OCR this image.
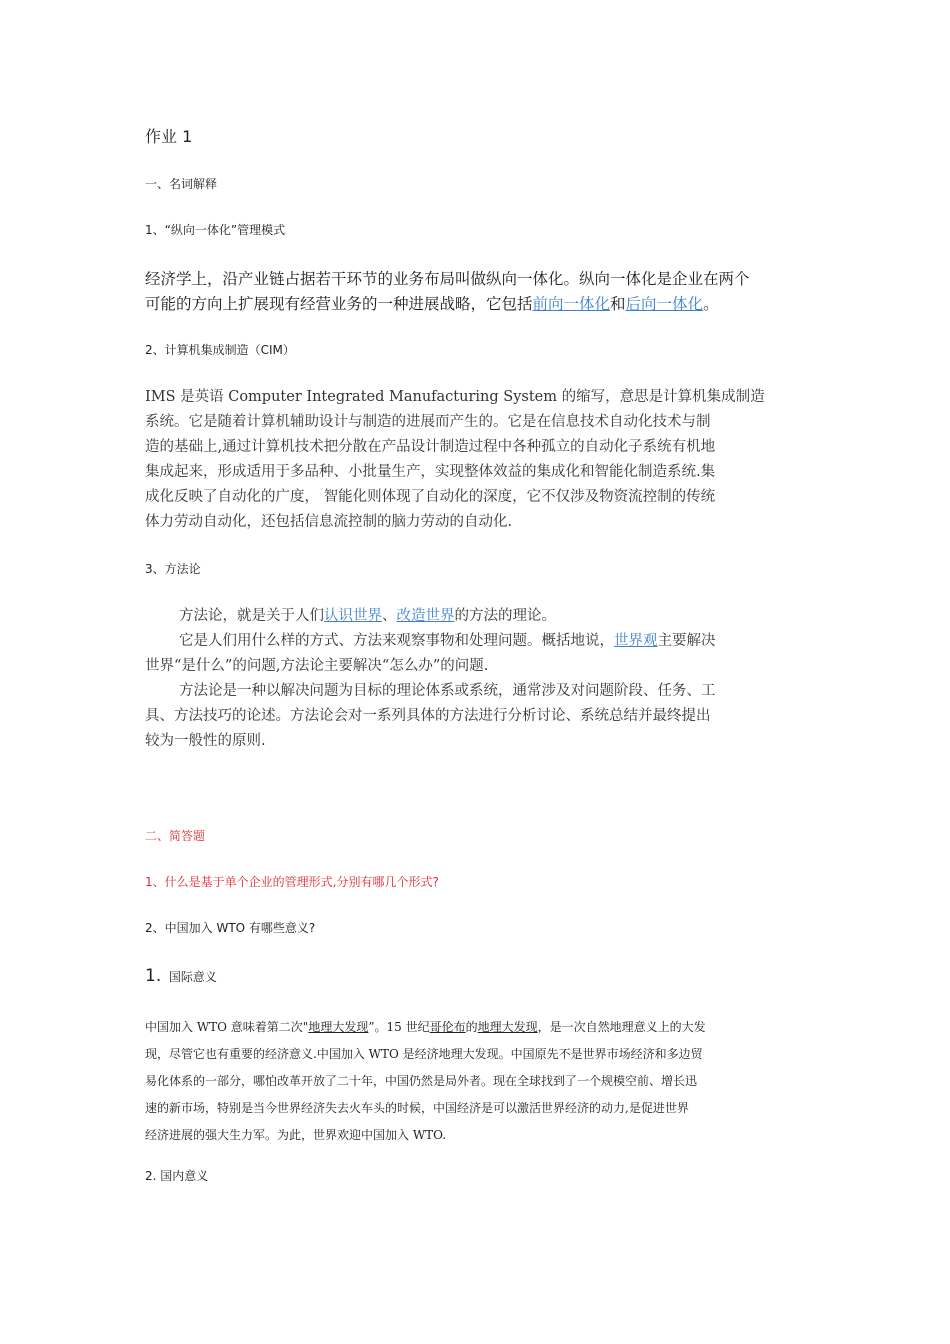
作业 1
一、名词解释
1、“纵向一体化”管理模式
经济学上，沿产业链占据若干环节的业务布局叫做纵向一体化。纵向一体化是企业在两个
可能的方向上扩展现有经营业务的一种进展战略，它包括前向一体化和后向一体化。
2、计算机集成制造（CIM）
IMS 是英语 Computer Integrated Manufacturing System 的缩写，意思是计算机集成制造
系统。它是随着计算机辅助设计与制造的进展而产生的。它是在信息技术自动化技术与制
造的基础上,通过计算机技术把分散在产品设计制造过程中各种孤立的自动化子系统有机地
集成起来，形成适用于多品种、小批量生产，实现整体效益的集成化和智能化制造系统.集
成化反映了自动化的广度， 智能化则体现了自动化的深度，它不仅涉及物资流控制的传统
体力劳动自动化，还包括信息流控制的脑力劳动的自动化.
3、方法论
方法论，就是关于人们认识世界、改造世界的方法的理论。
它是人们用什么样的方式、方法来观察事物和处理问题。概括地说，世界观主要解决
世界“是什么”的问题,方法论主要解决“怎么办”的问题.

方法论是一种以解决问题为目标的理论体系或系统，通常涉及对问题阶段、任务、工
具、方法技巧的论述。方法论会对一系列具体的方法进行分析讨论、系统总结并最终提出
较为一般性的原则.
二、简答题
1、什么是基于单个企业的管理形式,分别有哪几个形式?
2、中国加入 WTO 有哪些意义?
1. 国际意义
中国加入 WTO 意味着第二次"地理大发现”。15 世纪哥伦布的地理大发现，是一次自然地理意义上的大发
现，尽管它也有重要的经济意义.中国加入 WTO 是经济地理大发现。中国原先不是世界市场经济和多边贸
易化体系的一部分，哪怕改革开放了二十年，中国仍然是局外者。现在全球找到了一个规模空前、增长迅
速的新市场，特别是当今世界经济失去火车头的时候，中国经济是可以激活世界经济的动力,是促进世界
经济进展的强大生力军。为此，世界欢迎中国加入 WTO.
2. 国内意义
